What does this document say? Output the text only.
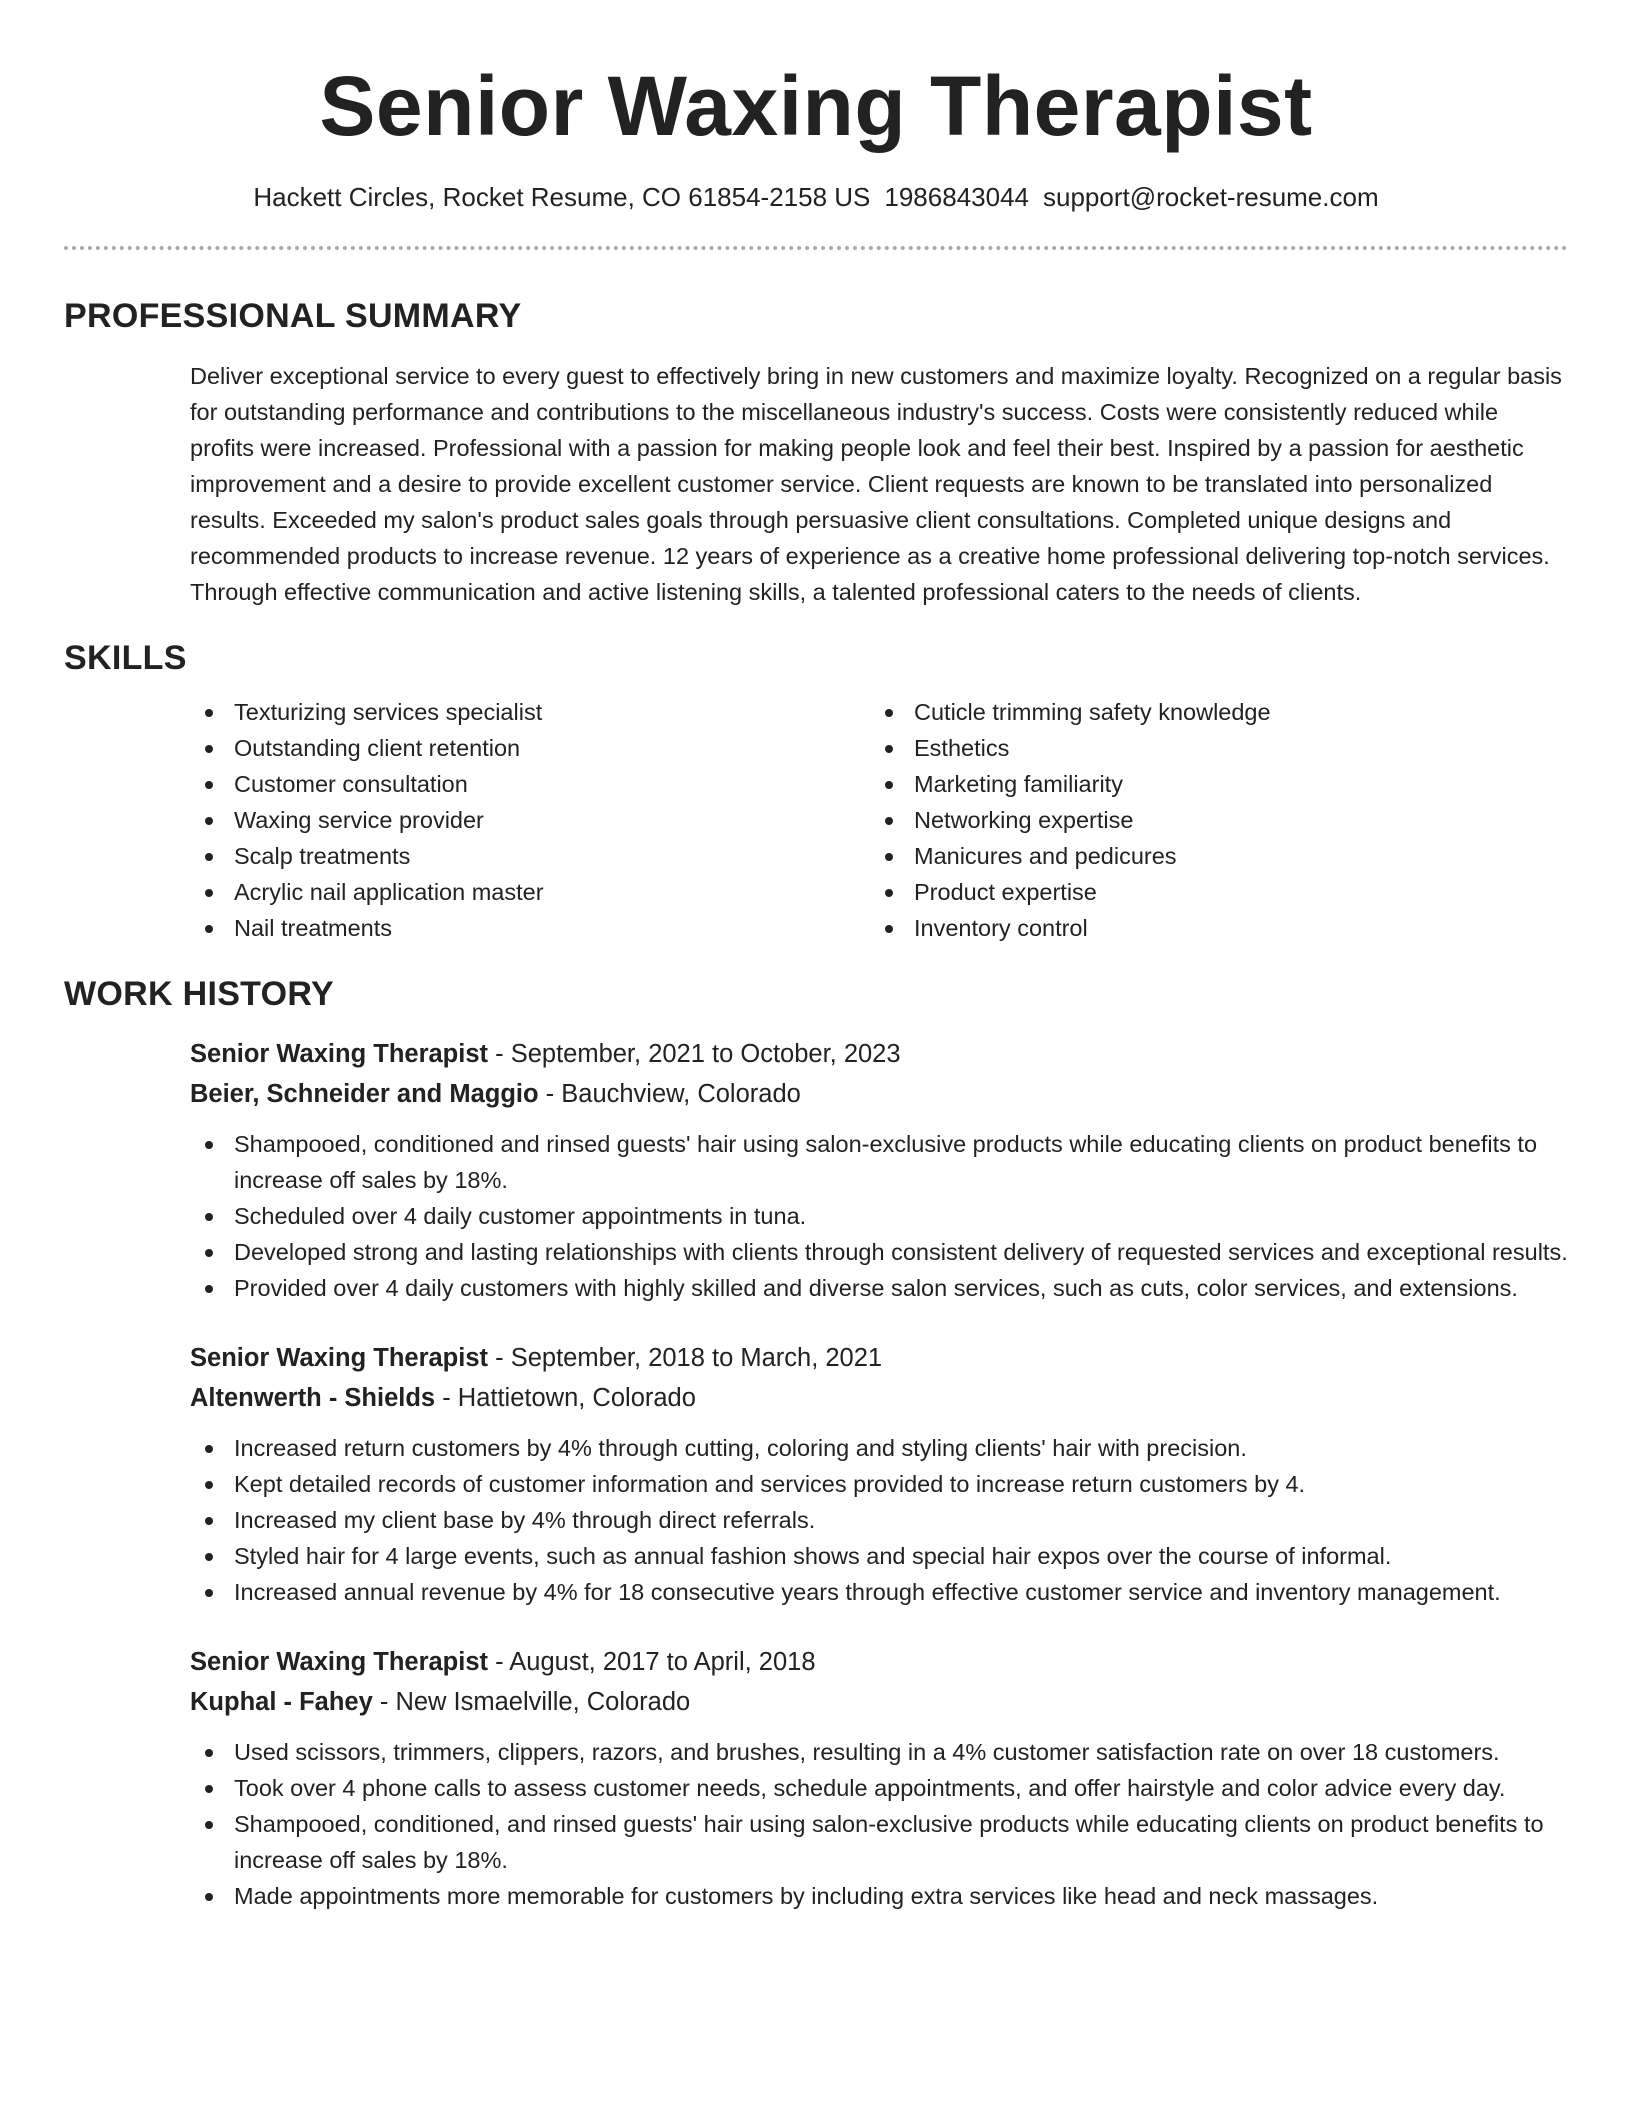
Senior Waxing Therapist
Hackett Circles, Rocket Resume, CO 61854-2158 US 1986843044 support@rocket-resume.com
PROFESSIONAL SUMMARY
Deliver exceptional service to every guest to effectively bring in new customers and maximize loyalty. Recognized on a regular basis for outstanding performance and contributions to the miscellaneous industry's success. Costs were consistently reduced while profits were increased. Professional with a passion for making people look and feel their best. Inspired by a passion for aesthetic improvement and a desire to provide excellent customer service. Client requests are known to be translated into personalized results. Exceeded my salon's product sales goals through persuasive client consultations. Completed unique designs and recommended products to increase revenue. 12 years of experience as a creative home professional delivering top-notch services. Through effective communication and active listening skills, a talented professional caters to the needs of clients.
SKILLS
Texturizing services specialist
Outstanding client retention
Customer consultation
Waxing service provider
Scalp treatments
Acrylic nail application master
Nail treatments
Cuticle trimming safety knowledge
Esthetics
Marketing familiarity
Networking expertise
Manicures and pedicures
Product expertise
Inventory control
WORK HISTORY
Senior Waxing Therapist - September, 2021 to October, 2023
Beier, Schneider and Maggio - Bauchview, Colorado
Shampooed, conditioned and rinsed guests' hair using salon-exclusive products while educating clients on product benefits to increase off sales by 18%.
Scheduled over 4 daily customer appointments in tuna.
Developed strong and lasting relationships with clients through consistent delivery of requested services and exceptional results.
Provided over 4 daily customers with highly skilled and diverse salon services, such as cuts, color services, and extensions.
Senior Waxing Therapist - September, 2018 to March, 2021
Altenwerth - Shields - Hattietown, Colorado
Increased return customers by 4% through cutting, coloring and styling clients' hair with precision.
Kept detailed records of customer information and services provided to increase return customers by 4.
Increased my client base by 4% through direct referrals.
Styled hair for 4 large events, such as annual fashion shows and special hair expos over the course of informal.
Increased annual revenue by 4% for 18 consecutive years through effective customer service and inventory management.
Senior Waxing Therapist - August, 2017 to April, 2018
Kuphal - Fahey - New Ismaelville, Colorado
Used scissors, trimmers, clippers, razors, and brushes, resulting in a 4% customer satisfaction rate on over 18 customers.
Took over 4 phone calls to assess customer needs, schedule appointments, and offer hairstyle and color advice every day.
Shampooed, conditioned, and rinsed guests' hair using salon-exclusive products while educating clients on product benefits to increase off sales by 18%.
Made appointments more memorable for customers by including extra services like head and neck massages.
